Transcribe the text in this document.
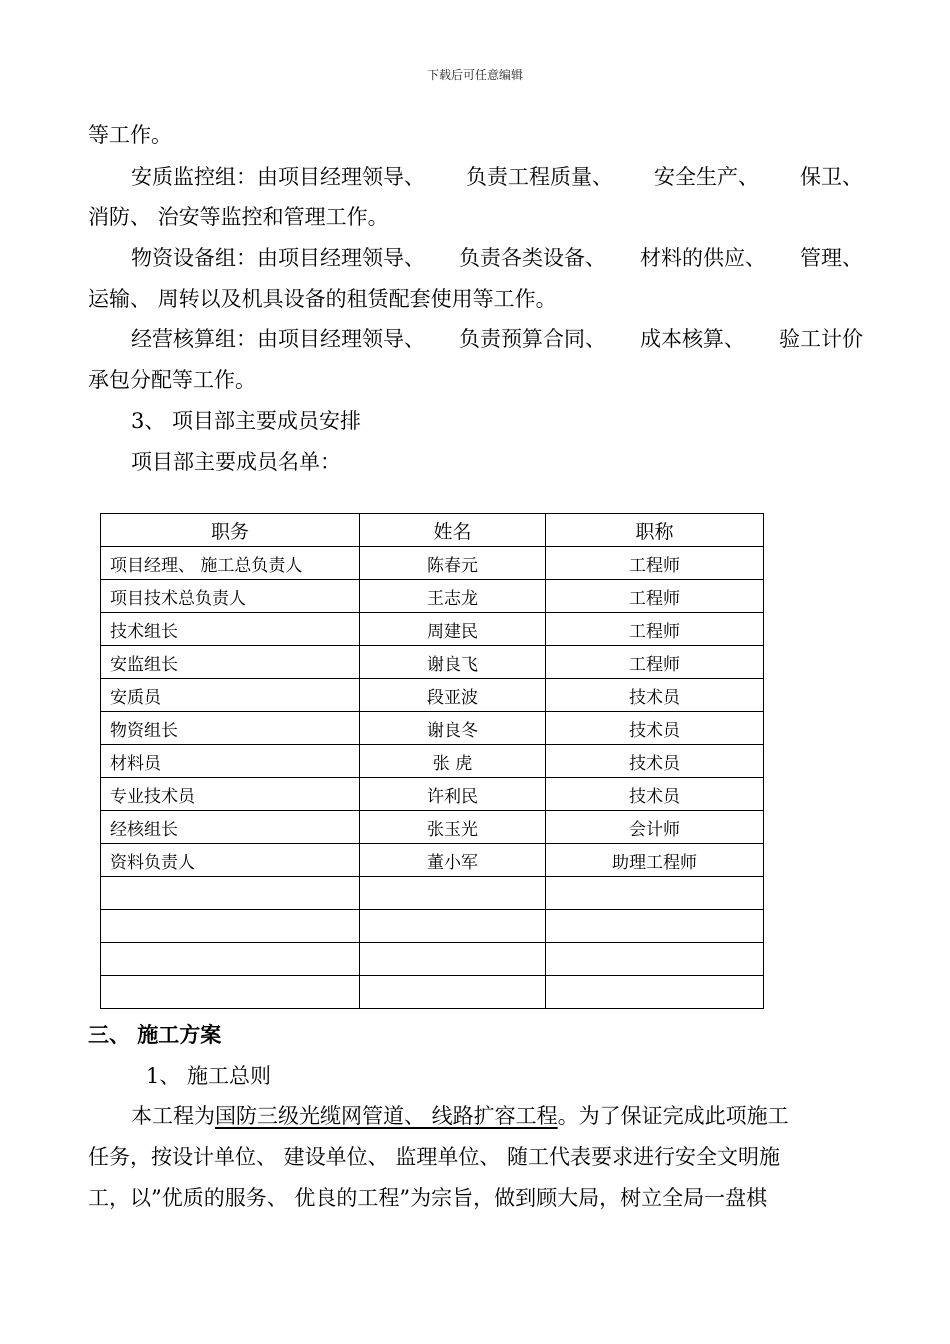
下载后可任意编辑
等工作。
安质监控组：由项目经理领导、 负责工程质量、 安全生产、 保卫、
消防、 治安等监控和管理工作。
物资设备组：由项目经理领导、 负责各类设备、 材料的供应、 管理、
运输、 周转以及机具设备的租赁配套使用等工作。
经营核算组：由项目经理领导、 负责预算合同、 成本核算、 验工计价
承包分配等工作。
3、 项目部主要成员安排
项目部主要成员名单：
职务	姓名	职称
项目经理、 施工总负责人	陈春元	工程师
项目技术总负责人	王志龙	工程师
技术组长	周建民	工程师
安监组长	谢良飞	工程师
安质员	段亚波	技术员
物资组长	谢良冬	技术员
材料员	张 虎	技术员
专业技术员	许利民	技术员
经核组长	张玉光	会计师
资料负责人	董小军	助理工程师

三、 施工方案
1、 施工总则
本工程为国防三级光缆网管道、 线路扩容工程。为了保证完成此项施工
任务，按设计单位、 建设单位、 监理单位、 随工代表要求进行安全文明施
工，以”优质的服务、 优良的工程”为宗旨，做到顾大局，树立全局一盘棋
